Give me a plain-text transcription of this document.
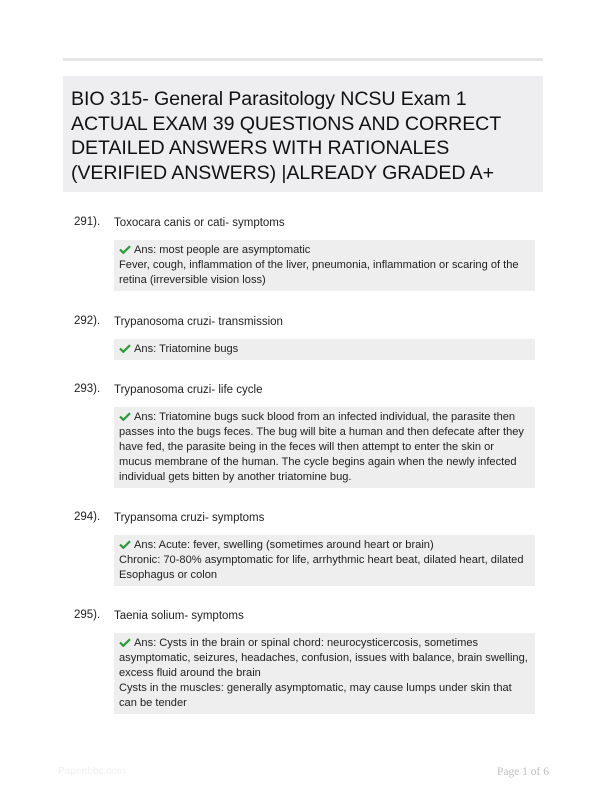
BIO 315- General Parasitology NCSU Exam 1 ACTUAL EXAM 39 QUESTIONS AND CORRECT DETAILED ANSWERS WITH RATIONALES (VERIFIED ANSWERS) |ALREADY GRADED A+
291). Toxocara canis or cati- symptoms
Ans: most people are asymptomatic
Fever, cough, inflammation of the liver, pneumonia, inflammation or scaring of the retina (irreversible vision loss)
292). Trypanosoma cruzi- transmission
Ans: Triatomine bugs
293). Trypanosoma cruzi- life cycle
Ans: Triatomine bugs suck blood from an infected individual, the parasite then passes into the bugs feces. The bug will bite a human and then defecate after they have fed, the parasite being in the feces will then attempt to enter the skin or mucus membrane of the human. The cycle begins again when the newly infected individual gets bitten by another triatomine bug.
294). Trypansoma cruzi- symptoms
Ans: Acute: fever, swelling (sometimes around heart or brain)
Chronic: 70-80% asymptomatic for life, arrhythmic heart beat, dilated heart, dilated Esophagus or colon
295). Taenia solium- symptoms
Ans: Cysts in the brain or spinal chord: neurocysticercosis, sometimes asymptomatic, seizures, headaches, confusion, issues with balance, brain swelling, excess fluid around the brain
Cysts in the muscles: generally asymptomatic, may cause lumps under skin that can be tender
Papertbbc.com	Page 1 of 6
